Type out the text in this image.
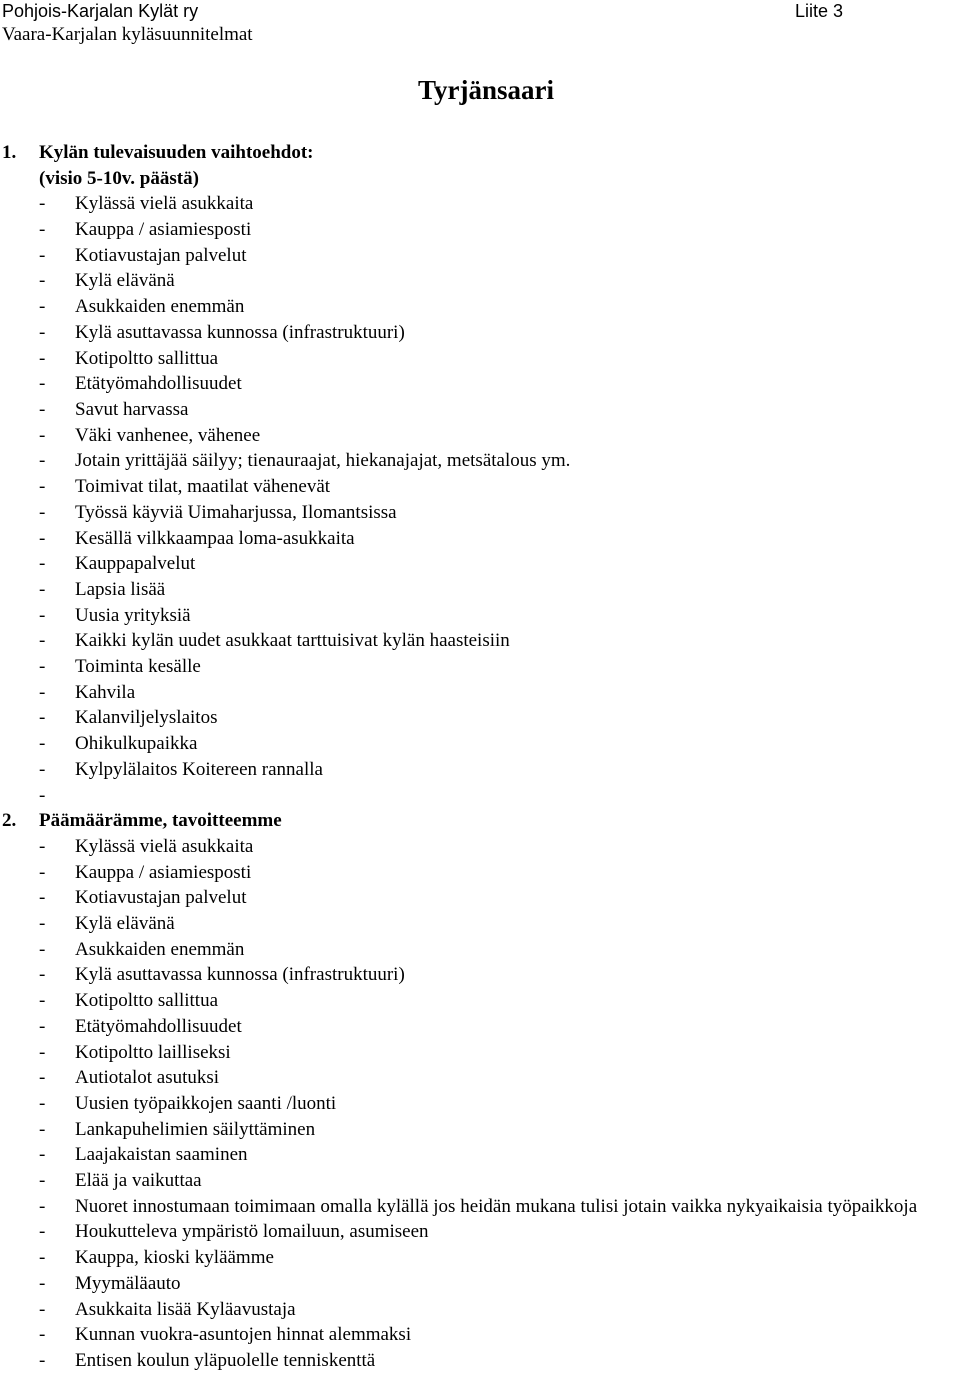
Pohjois-Karjalan Kylät ry
Vaara-Karjalan kyläsuunnitelmat
Liite 3
Tyrjänsaari
1. Kylän tulevaisuuden vaihtoehdot:
(visio 5-10v. päästä)
- Kylässä vielä asukkaita
- Kauppa / asiamiesposti
- Kotiavustajan palvelut
- Kylä elävänä
- Asukkaiden enemmän
- Kylä asuttavassa kunnossa (infrastruktuuri)
- Kotipoltto sallittua
- Etätyömahdollisuudet
- Savut harvassa
- Väki vanhenee, vähenee
- Jotain yrittäjää säilyy; tienauraajat, hiekanajajat, metsätalous ym.
- Toimivat tilat, maatilat vähenevät
- Työssä käyviä Uimaharjussa, Ilomantsissa
- Kesällä vilkkaampaa loma-asukkaita
- Kauppapalvelut
- Lapsia lisää
- Uusia yrityksiä
- Kaikki kylän uudet asukkaat tarttuisivat kylän haasteisiin
- Toiminta kesälle
- Kahvila
- Kalanviljelyslaitos
- Ohikulkupaikka
- Kylpylälaitos Koitereen rannalla
-
2. Päämäärämme, tavoitteemme
- Kylässä vielä asukkaita
- Kauppa / asiamiesposti
- Kotiavustajan palvelut
- Kylä elävänä
- Asukkaiden enemmän
- Kylä asuttavassa kunnossa (infrastruktuuri)
- Kotipoltto sallittua
- Etätyömahdollisuudet
- Kotipoltto lailliseksi
- Autiotalot asutuksi
- Uusien työpaikkojen saanti /luonti
- Lankapuhelimien säilyttäminen
- Laajakaistan saaminen
- Elää ja vaikuttaa
- Nuoret innostumaan toimimaan omalla kylällä jos heidän mukana tulisi jotain vaikka nykyaikaisia työpaikkoja
- Houkutteleva ympäristö lomailuun, asumiseen
- Kauppa, kioski kyläämme
- Myymäläauto
- Asukkaita lisää Kyläavustaja
- Kunnan vuokra-asuntojen hinnat alemmaksi
- Entisen koulun yläpuolelle tenniskenttä
